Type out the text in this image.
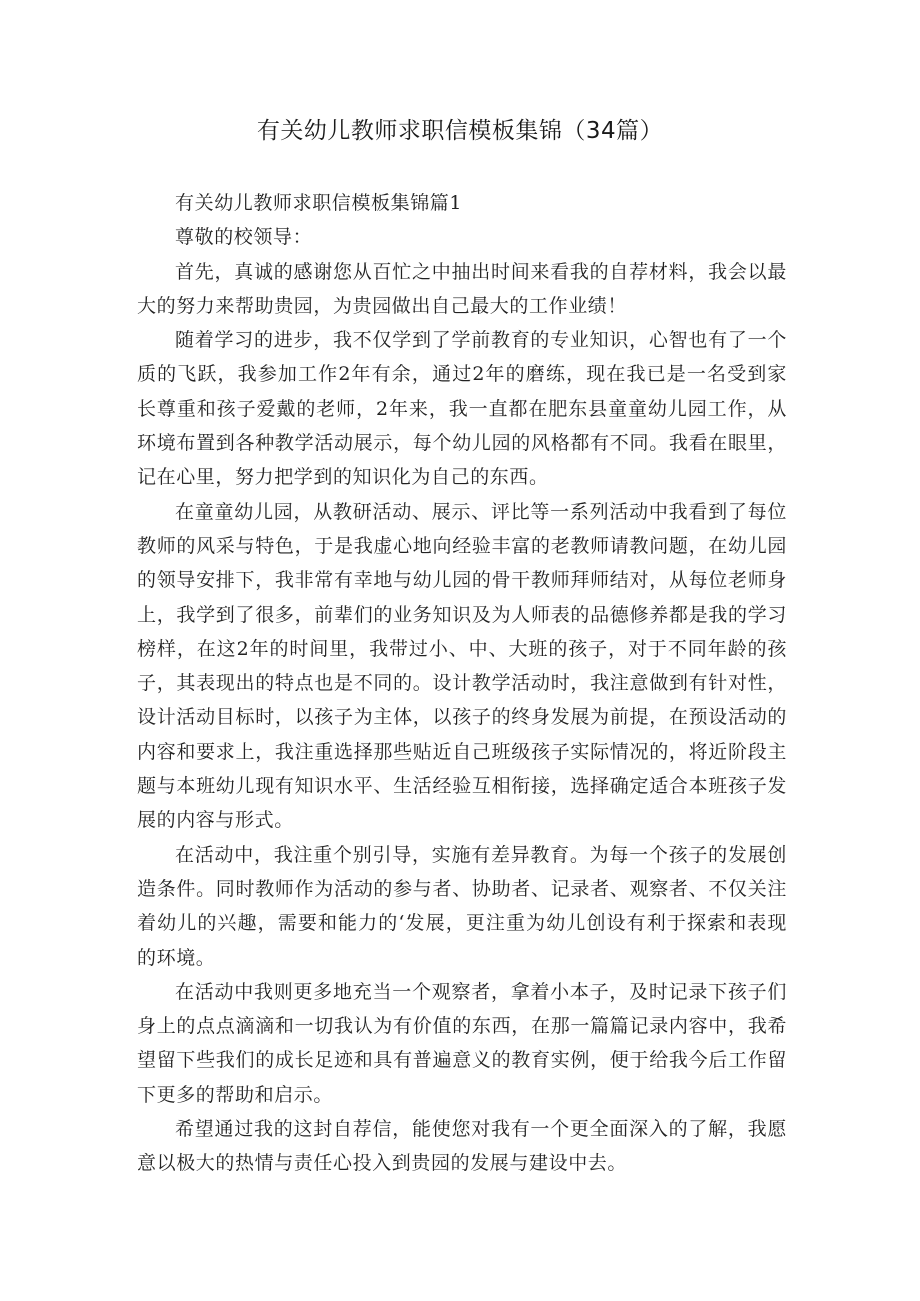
有关幼儿教师求职信模板集锦（34篇）

有关幼儿教师求职信模板集锦篇1

尊敬的校领导：

首先，真诚的感谢您从百忙之中抽出时间来看我的自荐材料，我会以最大的努力来帮助贵园，为贵园做出自己最大的工作业绩！

随着学习的进步，我不仅学到了学前教育的专业知识，心智也有了一个质的飞跃，我参加工作2年有余，通过2年的磨练，现在我已是一名受到家长尊重和孩子爱戴的老师，2年来，我一直都在肥东县童童幼儿园工作，从环境布置到各种教学活动展示，每个幼儿园的风格都有不同。我看在眼里，记在心里，努力把学到的知识化为自己的东西。

在童童幼儿园，从教研活动、展示、评比等一系列活动中我看到了每位教师的风采与特色，于是我虚心地向经验丰富的老教师请教问题，在幼儿园的领导安排下，我非常有幸地与幼儿园的骨干教师拜师结对，从每位老师身上，我学到了很多，前辈们的业务知识及为人师表的品德修养都是我的学习榜样，在这2年的时间里，我带过小、中、大班的孩子，对于不同年龄的孩子，其表现出的特点也是不同的。设计教学活动时，我注意做到有针对性，设计活动目标时，以孩子为主体，以孩子的终身发展为前提，在预设活动的内容和要求上，我注重选择那些贴近自己班级孩子实际情况的，将近阶段主题与本班幼儿现有知识水平、生活经验互相衔接，选择确定适合本班孩子发展的内容与形式。

在活动中，我注重个别引导，实施有差异教育。为每一个孩子的发展创造条件。同时教师作为活动的参与者、协助者、记录者、观察者、不仅关注着幼儿的兴趣，需要和能力的‘发展，更注重为幼儿创设有利于探索和表现的环境。

在活动中我则更多地充当一个观察者，拿着小本子，及时记录下孩子们身上的点点滴滴和一切我认为有价值的东西，在那一篇篇记录内容中，我希望留下些我们的成长足迹和具有普遍意义的教育实例，便于给我今后工作留下更多的帮助和启示。

希望通过我的这封自荐信，能使您对我有一个更全面深入的了解，我愿意以极大的热情与责任心投入到贵园的发展与建设中去。
